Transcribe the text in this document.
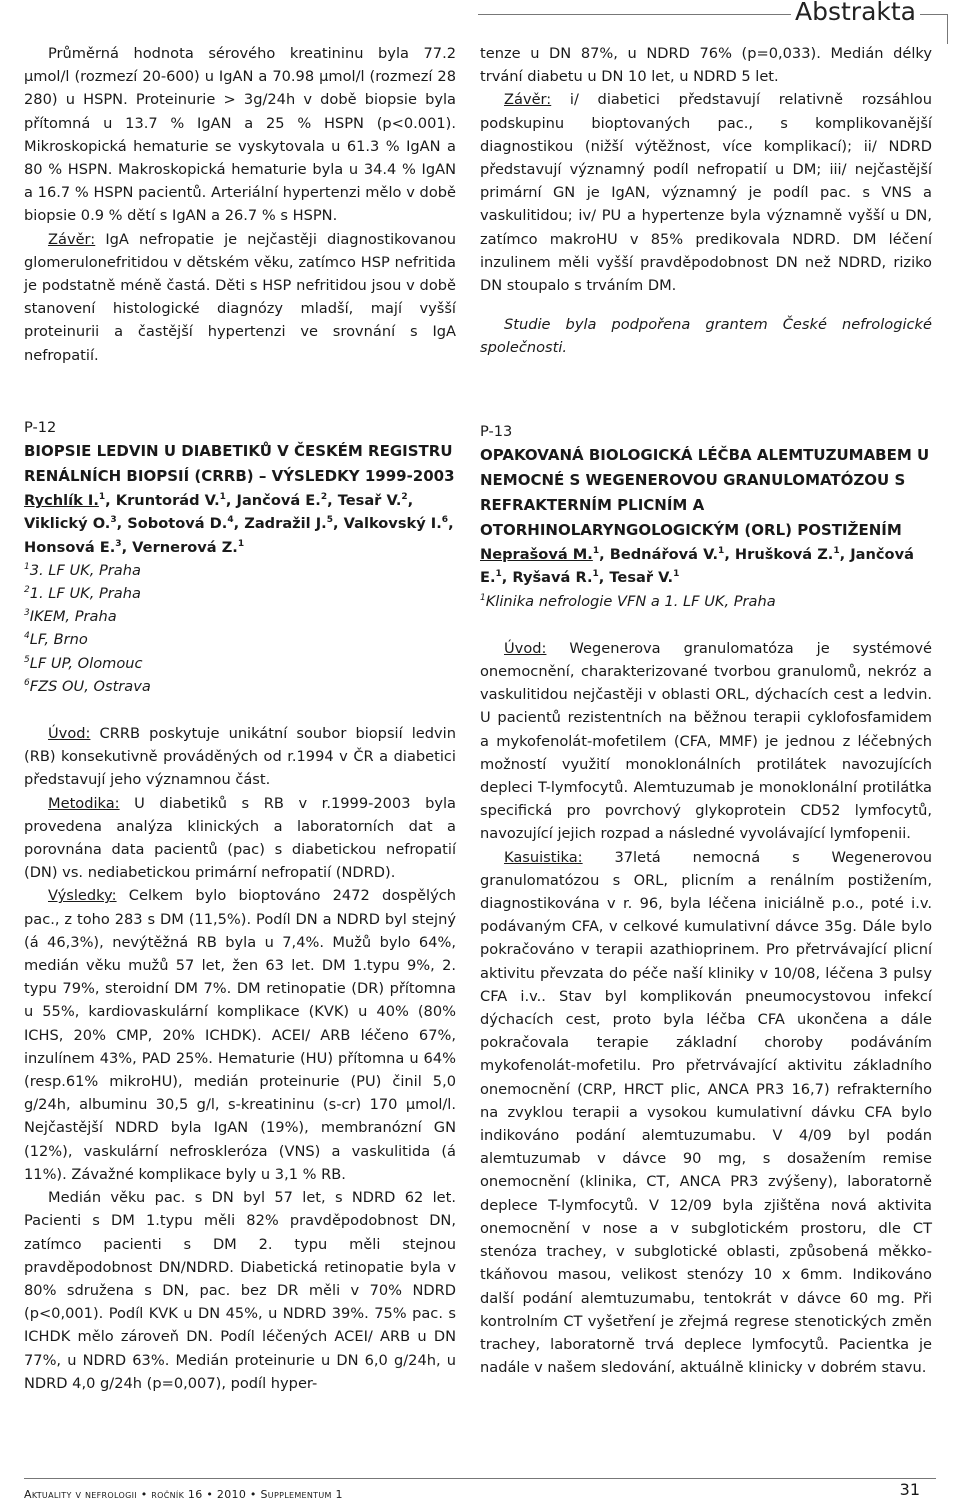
Abstrakta

Průměrná hodnota sérového kreatininu byla 77.2 µmol/l (rozmezí 20-600) u IgAN a 70.98 µmol/l (rozmezí 28 280) u HSPN. Proteinurie > 3g/24h v době biopsie byla přítomná u 13.7 % IgAN a 25 % HSPN (p<0.001). Mikroskopická hematurie se vyskytovala u 61.3 % IgAN a 80 % HSPN. Makroskopická hematurie byla u 34.4 % IgAN a 16.7 % HSPN pacientů. Arteriální hypertenzi mělo v době biopsie 0.9 % dětí s IgAN a 26.7 % s HSPN.

Závěr: IgA nefropatie je nejčastěji diagnostikovanou glomerulonefritidou v dětském věku, zatímco HSP nefritida je podstatně méně častá. Děti s HSP nefritidou jsou v době stanovení histologické diagnózy mladší, mají vyšší proteinurii a častější hypertenzi ve srovnání s IgA nefropatií.

tenze u DN 87%, u NDRD 76% (p=0,033). Medián délky trvání diabetu u DN 10 let, u NDRD 5 let.

Závěr: i/ diabetici představují relativně rozsáhlou podskupinu bioptovaných pac., s komplikovanější diagnostikou (nižší výtěžnost, více komplikací); ii/ NDRD představují významný podíl nefropatií u DM; iii/ nejčastější primární GN je IgAN, významný je podíl pac. s VNS a vaskulitidou; iv/ PU a hypertenze byla významně vyšší u DN, zatímco makroHU v 85% predikovala NDRD. DM léčení inzulinem měli vyšší pravděpodobnost DN než NDRD, riziko DN stoupalo s trváním DM.

Studie byla podpořena grantem České nefrologické společnosti.

P-12

BIOPSIE LEDVIN U DIABETIKŮ V ČESKÉM REGISTRU RENÁLNÍCH BIOPSIÍ (CRRB) – VÝSLEDKY 1999-2003

Rychlík I.$^1$, Kruntorád V.$^1$, Jančová E.$^2$, Tesař V.$^2$, Viklický O.$^3$, Sobotová D.$^4$, Zadražil J.$^5$, Valkovský I.$^6$, Honsová E.$^3$, Vernerová Z.$^1$

$^1$3. LF UK, Praha

$^2$1. LF UK, Praha

$^3$IKEM, Praha

$^4$LF, Brno

$^5$LF UP, Olomouc

$^6$FZS OU, Ostrava

Úvod: CRRB poskytuje unikátní soubor biopsií ledvin (RB) konsekutivně prováděných od r.1994 v ČR a diabetici představují jeho významnou část.

Metodika: U diabetiků s RB v r.1999-2003 byla provedena analýza klinických a laboratorních dat a porovnána data pacientů (pac) s diabetickou nefropatií (DN) vs. nediabetickou primární nefropatií (NDRD).

Výsledky: Celkem bylo bioptováno 2472 dospělých pac., z toho 283 s DM (11,5%). Podíl DN a NDRD byl stejný (á 46,3%), nevýtěžná RB byla u 7,4%. Mužů bylo 64%, medián věku mužů 57 let, žen 63 let. DM 1.typu 9%, 2. typu 79%, steroidní DM 7%. DM retinopatie (DR) přítomna u 55%, kardiovaskulární komplikace (KVK) u 40% (80% ICHS, 20% CMP, 20% ICHDK). ACEI/ ARB léčeno 67%, inzulínem 43%, PAD 25%. Hematurie (HU) přítomna u 64% (resp.61% mikroHU), medián proteinurie (PU) činil 5,0 g/24h, albuminu 30,5 g/l, s-kreatininu (s-cr) 170 µmol/l. Nejčastější NDRD byla IgAN (19%), membranózní GN (12%), vaskulární nefroskleróza (VNS) a vaskulitida (á 11%). Závažné komplikace byly u 3,1 % RB.

Medián věku pac. s DN byl 57 let, s NDRD 62 let. Pacienti s DM 1.typu měli 82% pravděpodobnost DN, zatímco pacienti s DM 2. typu měli stejnou pravděpodobnost DN/NDRD. Diabetická retinopatie byla v 80% sdružena s DN, pac. bez DR měli v 70% NDRD (p<0,001). Podíl KVK u DN 45%, u NDRD 39%. 75% pac. s ICHDK mělo zároveň DN. Podíl léčených ACEI/ ARB u DN 77%, u NDRD 63%. Medián proteinurie u DN 6,0 g/24h, u NDRD 4,0 g/24h (p=0,007), podíl hyper-

P-13

OPAKOVANÁ BIOLOGICKÁ LÉČBA ALEMTUZUMABEM U NEMOCNÉ S WEGENEROVOU GRANULOMATÓZOU S REFRAKTERNÍM PLICNÍM A OTORHINOLARYNGOLOGICKÝM (ORL) POSTIŽENÍM

Neprašová M.$^1$, Bednářová V.$^1$, Hrušková Z.$^1$, Jančová E.$^1$, Ryšavá R.$^1$, Tesař V.$^1$

$^1$Klinika nefrologie VFN a 1. LF UK, Praha

Úvod: Wegenerova granulomatóza je systémové onemocnění, charakterizované tvorbou granulomů, nekróz a vaskulitidou nejčastěji v oblasti ORL, dýchacích cest a ledvin. U pacientů rezistentních na běžnou terapii cyklofosfamidem a mykofenolát-mofetilem (CFA, MMF) je jednou z léčebných možností využití monoklonálních protilátek navozujících depleci T-lymfocytů. Alemtuzumab je monoklonální protilátka specifická pro povrchový glykoprotein CD52 lymfocytů, navozující jejich rozpad a následné vyvolávající lymfopenii.

Kasuistika: 37letá nemocná s Wegenerovou granulomatózou s ORL, plicním a renálním postižením, diagnostikována v r. 96, byla léčena iniciálně p.o., poté i.v. podávaným CFA, v celkové kumulativní dávce 35g. Dále bylo pokračováno v terapii azathioprinem. Pro přetrvávající plicní aktivitu převzata do péče naší kliniky v 10/08, léčena 3 pulsy CFA i.v.. Stav byl komplikován pneumocystovou infekcí dýchacích cest, proto byla léčba CFA ukončena a dále pokračovala terapie základní choroby podáváním mykofenolát-mofetilu. Pro přetrvávající aktivitu základního onemocnění (CRP, HRCT plic, ANCA PR3 16,7) refrakterního na zvyklou terapii a vysokou kumulativní dávku CFA bylo indikováno podání alemtuzumabu. V 4/09 byl podán alemtuzumab v dávce 90 mg, s dosažením remise onemocnění (klinika, CT, ANCA PR3 zvýšeny), laboratorně deplece T-lymfocytů. V 12/09 byla zjištěna nová aktivita onemocnění v nose a v subglotickém prostoru, dle CT stenóza trachey, v subglotické oblasti, způsobená měkko-tkáňovou masou, velikost stenózy 10 x 6mm. Indikováno další podání alemtuzumabu, tentokrát v dávce 60 mg. Při kontrolním CT vyšetření je zřejmá regrese stenotických změn trachey, laboratorně trvá deplece lymfocytů. Pacientka je nadále v našem sledování, aktuálně klinicky v dobrém stavu.

Aktuality v nefrologii • ročník 16 • 2010 • Supplementum 1	31
